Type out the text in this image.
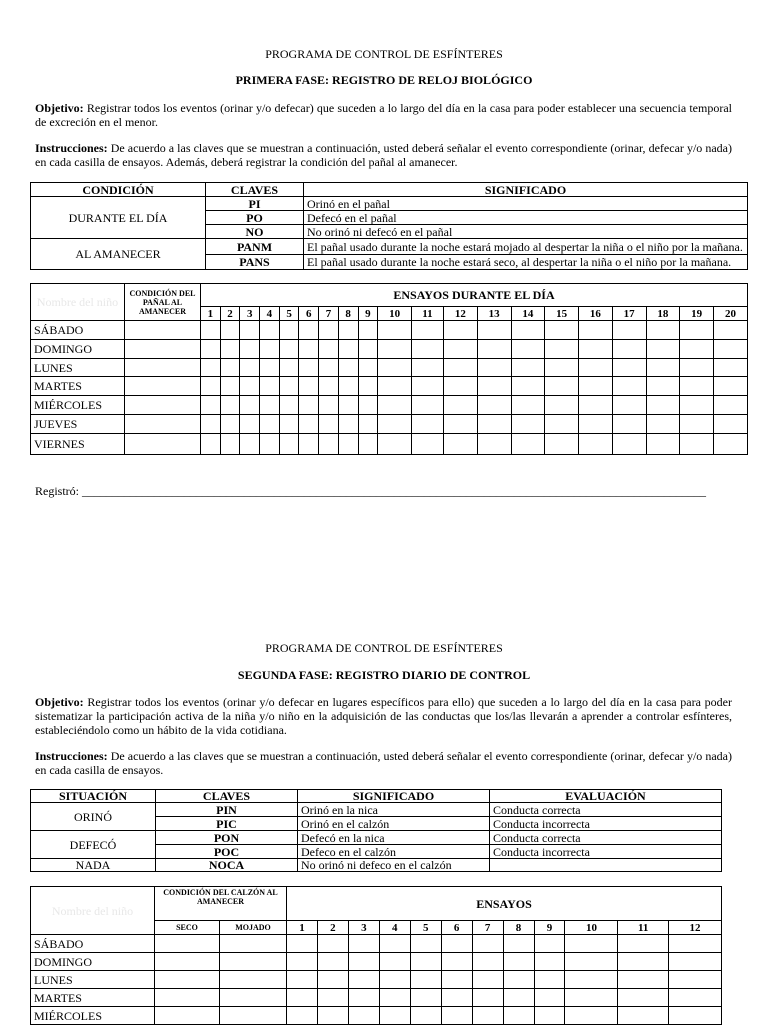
PROGRAMA DE CONTROL DE ESFÍNTERES
PRIMERA FASE: REGISTRO DE RELOJ BIOLÓGICO
Objetivo: Registrar todos los eventos (orinar y/o defecar) que suceden a lo largo del día en la casa para poder establecer una secuencia temporal de excreción en el menor.
Instrucciones: De acuerdo a las claves que se muestran a continuación, usted deberá señalar el evento correspondiente (orinar, defecar y/o nada) en cada casilla de ensayos. Además, deberá registrar la condición del pañal al amanecer.
CONDICIÓN	CLAVES	SIGNIFICADO
DURANTE EL DÍA	PI	Orinó en el pañal
	PO	Defecó en el pañal
	NO	No orinó ni defecó en el pañal
AL AMANECER	PANM	El pañal usado durante la noche estará mojado al despertar la niña o el niño por la mañana.
	PANS	El pañal usado durante la noche estará seco, al despertar la niña o el niño por la mañana.
Nombre del niño	CONDICIÓN DEL PAÑAL AL AMANECER	ENSAYOS DURANTE EL DÍA																			
		1	2	3	4	5	6	7	8	9	10	11	12	13	14	15	16	17	18	19	20
SÁBADO																					
DOMINGO																					
LUNES																					
MARTES																					
MIÉRCOLES																					
JUEVES																					
VIERNES																					
Registró: ________________________________________________________________________________________________________
PROGRAMA DE CONTROL DE ESFÍNTERES
SEGUNDA FASE: REGISTRO DIARIO DE CONTROL
Objetivo: Registrar todos los eventos (orinar y/o defecar en lugares específicos para ello) que suceden a lo largo del día en la casa para poder sistematizar la participación activa de la niña y/o niño en la adquisición de las conductas que los/las llevarán a aprender a controlar esfínteres, estableciéndolo como un hábito de la vida cotidiana.
Instrucciones: De acuerdo a las claves que se muestran a continuación, usted deberá señalar el evento correspondiente (orinar, defecar y/o nada) en cada casilla de ensayos.
SITUACIÓN	CLAVES	SIGNIFICADO	EVALUACIÓN
ORINÓ	PIN	Orinó en la nica	Conducta correcta
	PIC	Orinó en el calzón	Conducta incorrecta
DEFECÓ	PON	Defecó en la nica	Conducta correcta
	POC	Defeco en el calzón	Conducta incorrecta
NADA	NOCA	No orinó ni defeco en el calzón	
Nombre del niño	CONDICIÓN DEL CALZÓN AL AMANECER		ENSAYOS											
	SECO	MOJADO	1	2	3	4	5	6	7	8	9	10	11	12
SÁBADO														
DOMINGO														
LUNES														
MARTES														
MIÉRCOLES														
